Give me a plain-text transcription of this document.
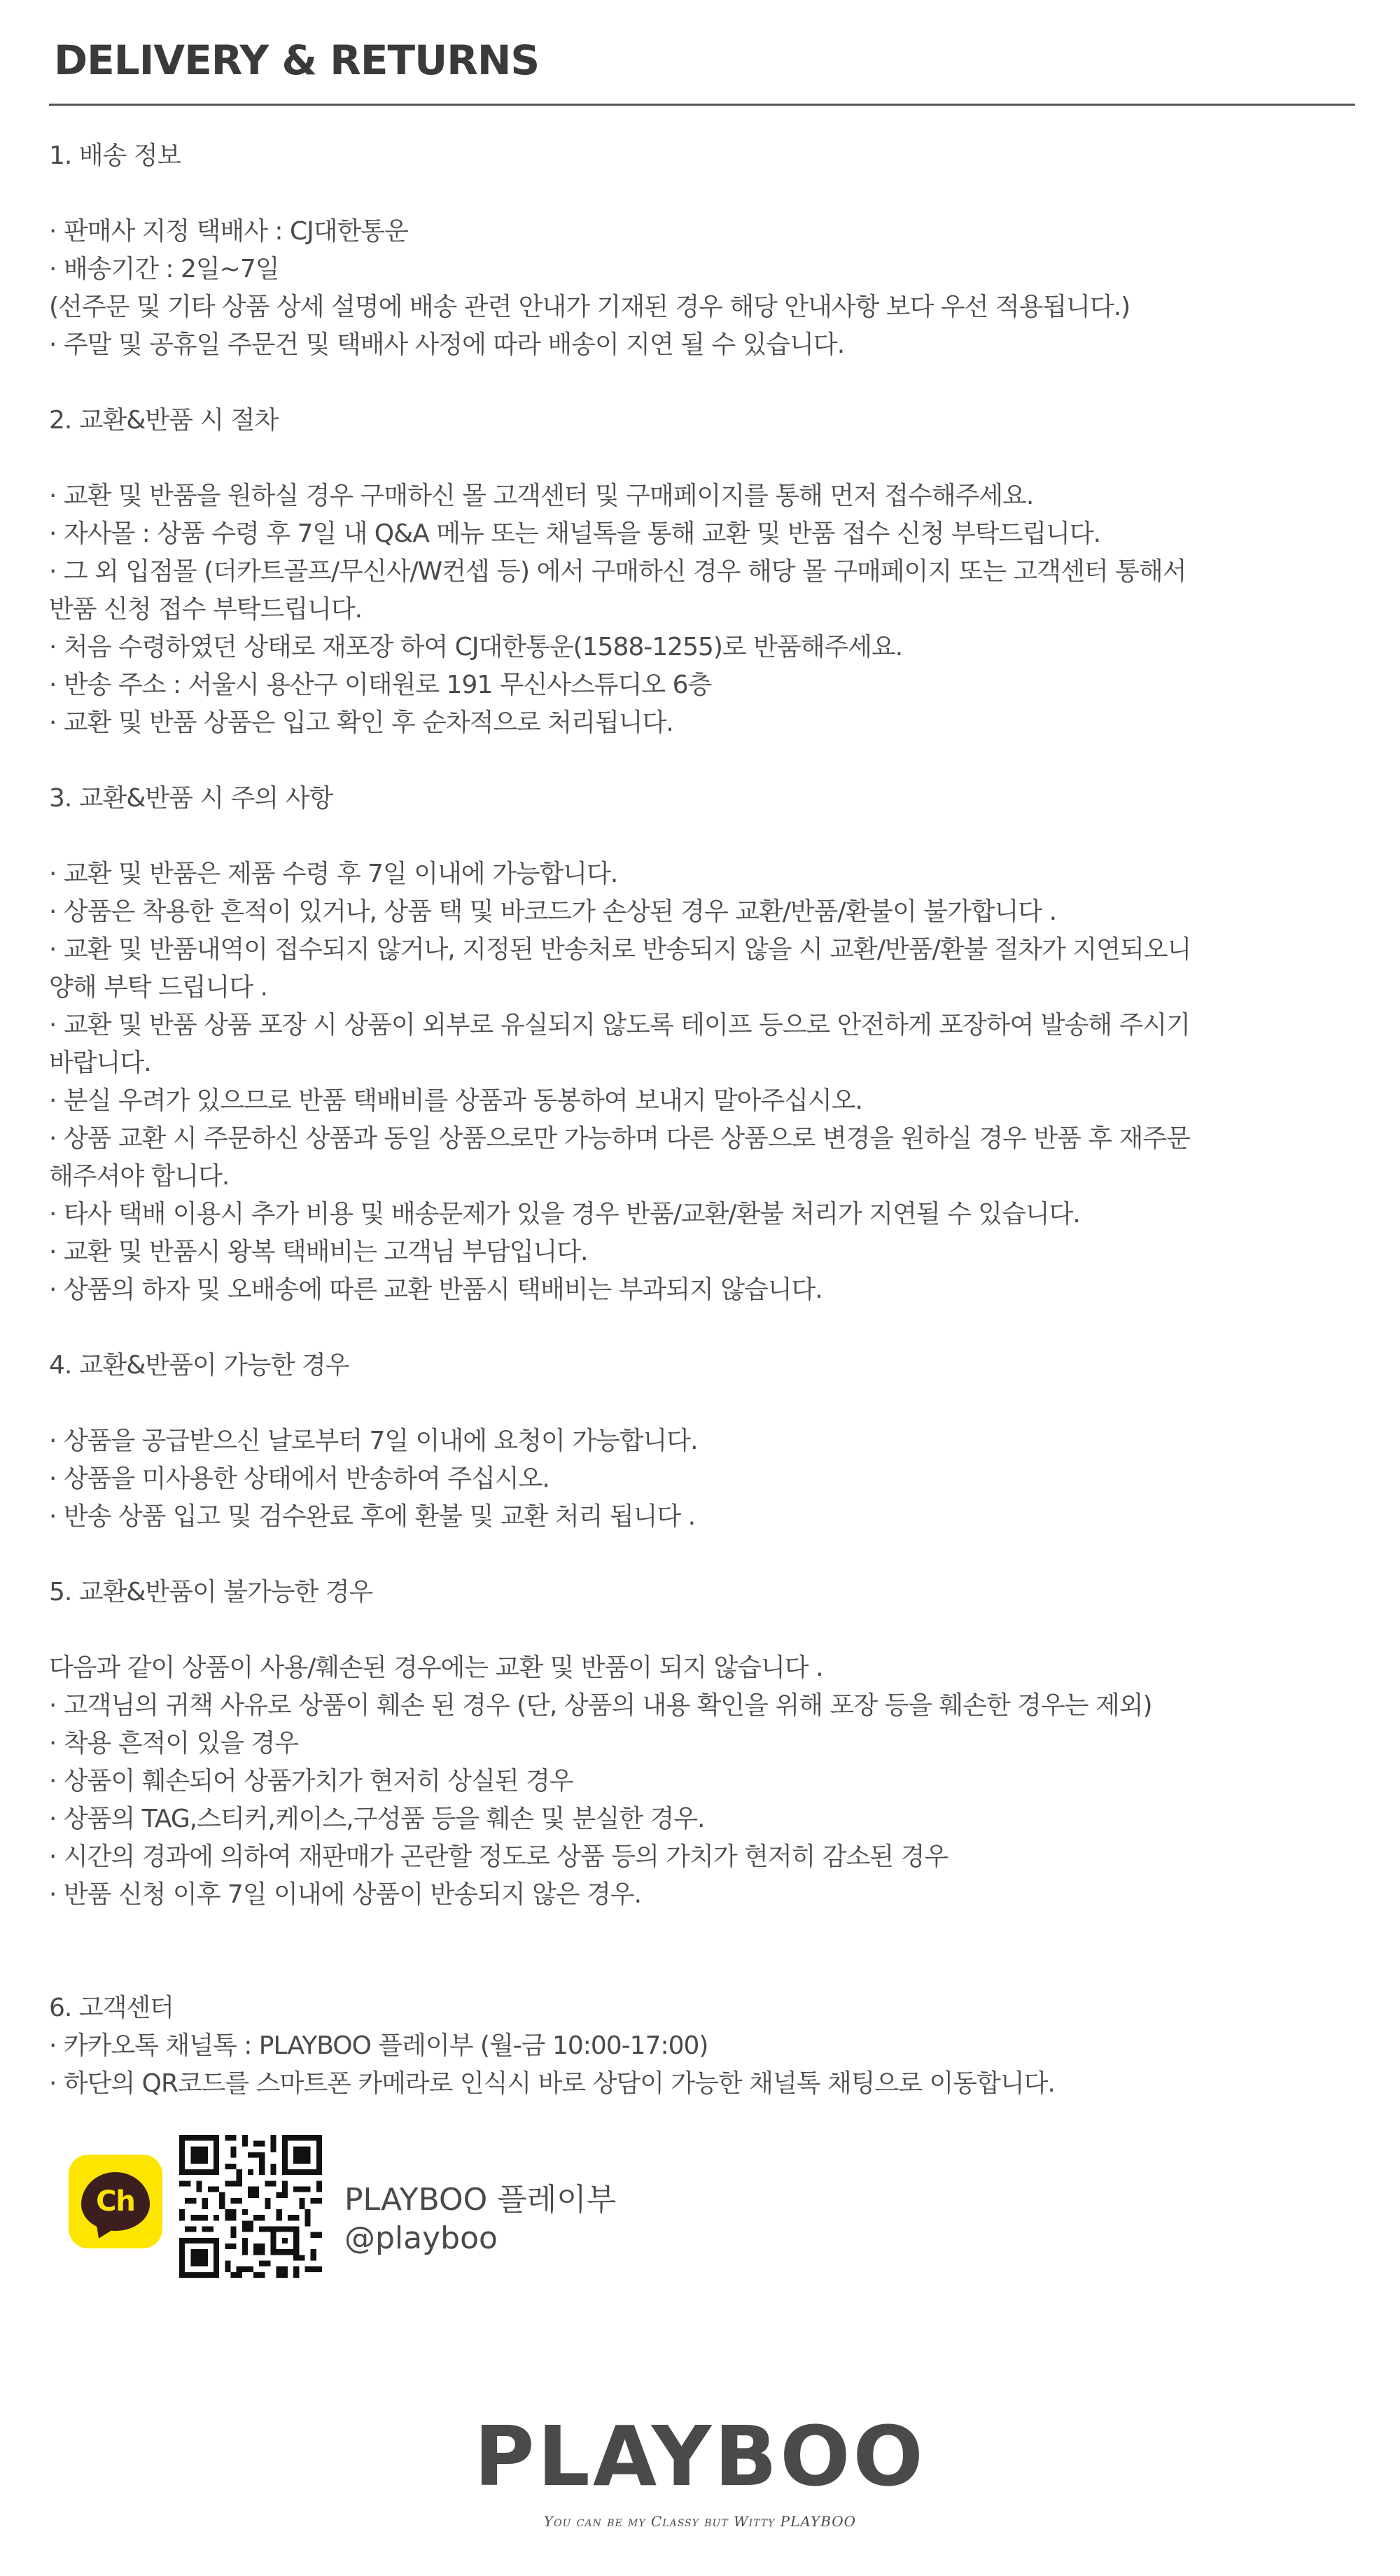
DELIVERY & RETURNS
1. 배송 정보
· 판매사 지정 택배사 : CJ대한통운
· 배송기간 : 2일~7일
(선주문 및 기타 상품 상세 설명에 배송 관련 안내가 기재된 경우 해당 안내사항 보다 우선 적용됩니다.)
· 주말 및 공휴일 주문건 및 택배사 사정에 따라 배송이 지연 될 수 있습니다.
2. 교환&반품 시 절차
· 교환 및 반품을 원하실 경우 구매하신 몰 고객센터 및 구매페이지를 통해 먼저 접수해주세요.
· 자사몰 : 상품 수령 후 7일 내 Q&A 메뉴 또는 채널톡을 통해 교환 및 반품 접수 신청 부탁드립니다.
· 그 외 입점몰 (더카트골프/무신사/W컨셉 등) 에서 구매하신 경우 해당 몰 구매페이지 또는 고객센터 통해서
반품 신청 접수 부탁드립니다.
· 처음 수령하였던 상태로 재포장 하여 CJ대한통운(1588-1255)로 반품해주세요.
· 반송 주소 : 서울시 용산구 이태원로 191 무신사스튜디오 6층
· 교환 및 반품 상품은 입고 확인 후 순차적으로 처리됩니다.
3. 교환&반품 시 주의 사항
· 교환 및 반품은 제품 수령 후 7일 이내에 가능합니다.
· 상품은 착용한 흔적이 있거나, 상품 택 및 바코드가 손상된 경우 교환/반품/환불이 불가합니다 .
· 교환 및 반품내역이 접수되지 않거나, 지정된 반송처로 반송되지 않을 시 교환/반품/환불 절차가 지연되오니
양해 부탁 드립니다 .
· 교환 및 반품 상품 포장 시 상품이 외부로 유실되지 않도록 테이프 등으로 안전하게 포장하여 발송해 주시기
바랍니다.
· 분실 우려가 있으므로 반품 택배비를 상품과 동봉하여 보내지 말아주십시오.
· 상품 교환 시 주문하신 상품과 동일 상품으로만 가능하며 다른 상품으로 변경을 원하실 경우 반품 후 재주문
해주셔야 합니다.
· 타사 택배 이용시 추가 비용 및 배송문제가 있을 경우 반품/교환/환불 처리가 지연될 수 있습니다.
· 교환 및 반품시 왕복 택배비는 고객님 부담입니다.
· 상품의 하자 및 오배송에 따른 교환 반품시 택배비는 부과되지 않습니다.
4. 교환&반품이 가능한 경우
· 상품을 공급받으신 날로부터 7일 이내에 요청이 가능합니다.
· 상품을 미사용한 상태에서 반송하여 주십시오.
· 반송 상품 입고 및 검수완료 후에 환불 및 교환 처리 됩니다 .
5. 교환&반품이 불가능한 경우
다음과 같이 상품이 사용/훼손된 경우에는 교환 및 반품이 되지 않습니다 .
· 고객님의 귀책 사유로 상품이 훼손 된 경우 (단, 상품의 내용 확인을 위해 포장 등을 훼손한 경우는 제외)
· 착용 흔적이 있을 경우
· 상품이 훼손되어 상품가치가 현저히 상실된 경우
· 상품의 TAG,스티커,케이스,구성품 등을 훼손 및 분실한 경우.
· 시간의 경과에 의하여 재판매가 곤란할 정도로 상품 등의 가치가 현저히 감소된 경우
· 반품 신청 이후 7일 이내에 상품이 반송되지 않은 경우.
6. 고객센터
· 카카오톡 채널톡 : PLAYBOO 플레이부 (월-금 10:00-17:00)
· 하단의 QR코드를 스마트폰 카메라로 인식시 바로 상담이 가능한 채널톡 채팅으로 이동합니다.
Ch	PLAYBOO 플레이부
@playboo
PLAYBOO
You can be my Classy but Witty PLAYBOO
